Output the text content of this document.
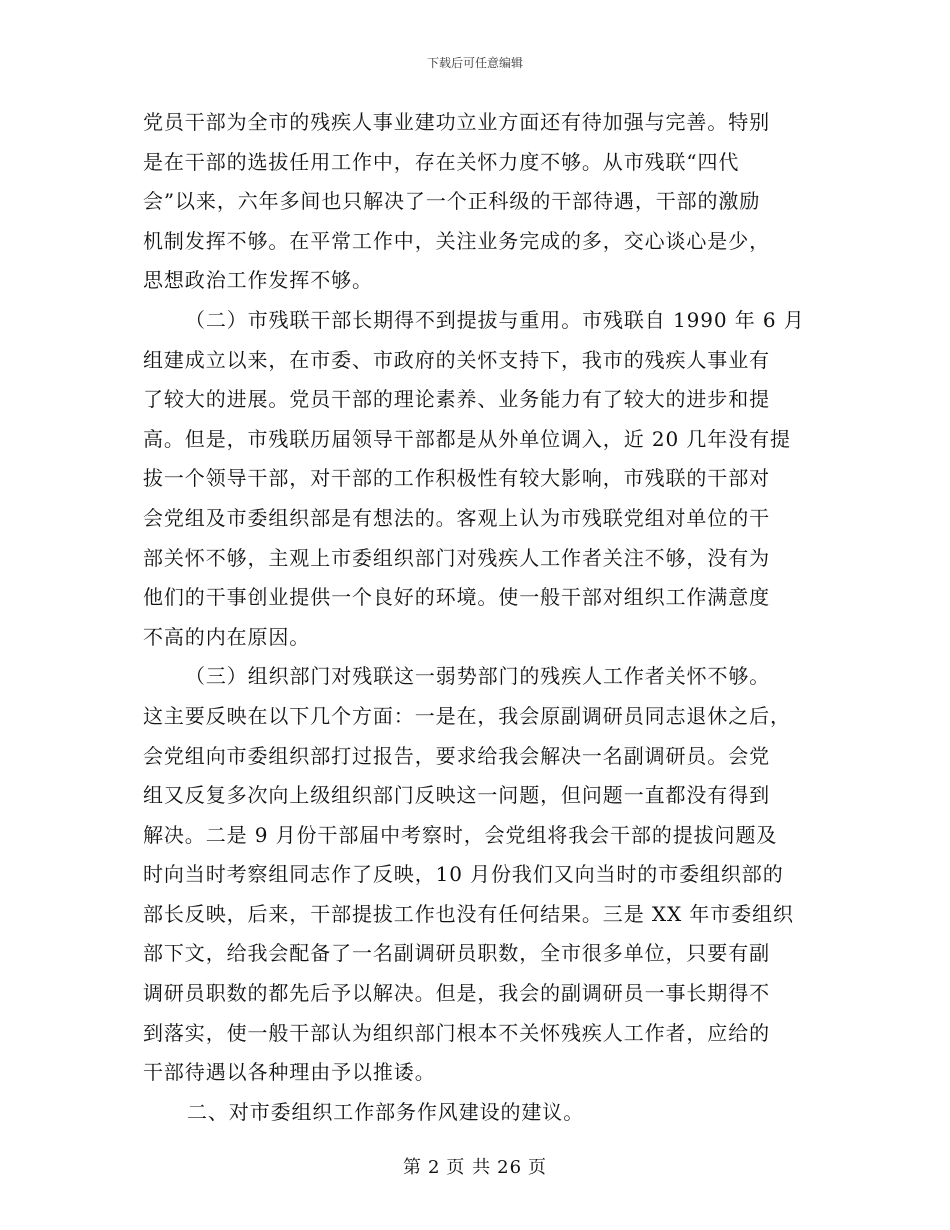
下载后可任意编辑
党员干部为全市的残疾人事业建功立业方面还有待加强与完善。特别
是在干部的选拔任用工作中，存在关怀力度不够。从市残联“四代
会”以来，六年多间也只解决了一个正科级的干部待遇，干部的激励
机制发挥不够。在平常工作中，关注业务完成的多，交心谈心是少，
思想政治工作发挥不够。
（二）市残联干部长期得不到提拔与重用。市残联自 1990 年 6 月
组建成立以来，在市委、市政府的关怀支持下，我市的残疾人事业有
了较大的进展。党员干部的理论素养、业务能力有了较大的进步和提
高。但是，市残联历届领导干部都是从外单位调入，近 20 几年没有提
拔一个领导干部，对干部的工作积极性有较大影响，市残联的干部对
会党组及市委组织部是有想法的。客观上认为市残联党组对单位的干
部关怀不够，主观上市委组织部门对残疾人工作者关注不够，没有为
他们的干事创业提供一个良好的环境。使一般干部对组织工作满意度
不高的内在原因。
（三）组织部门对残联这一弱势部门的残疾人工作者关怀不够。
这主要反映在以下几个方面：一是在，我会原副调研员同志退休之后，
会党组向市委组织部打过报告，要求给我会解决一名副调研员。会党
组又反复多次向上级组织部门反映这一问题，但问题一直都没有得到
解决。二是 9 月份干部届中考察时，会党组将我会干部的提拔问题及
时向当时考察组同志作了反映，10 月份我们又向当时的市委组织部的
部长反映，后来，干部提拔工作也没有任何结果。三是 XX 年市委组织
部下文，给我会配备了一名副调研员职数，全市很多单位，只要有副
调研员职数的都先后予以解决。但是，我会的副调研员一事长期得不
到落实，使一般干部认为组织部门根本不关怀残疾人工作者，应给的
干部待遇以各种理由予以推诿。
二、对市委组织工作部务作风建设的建议。
第 2 页 共 26 页
